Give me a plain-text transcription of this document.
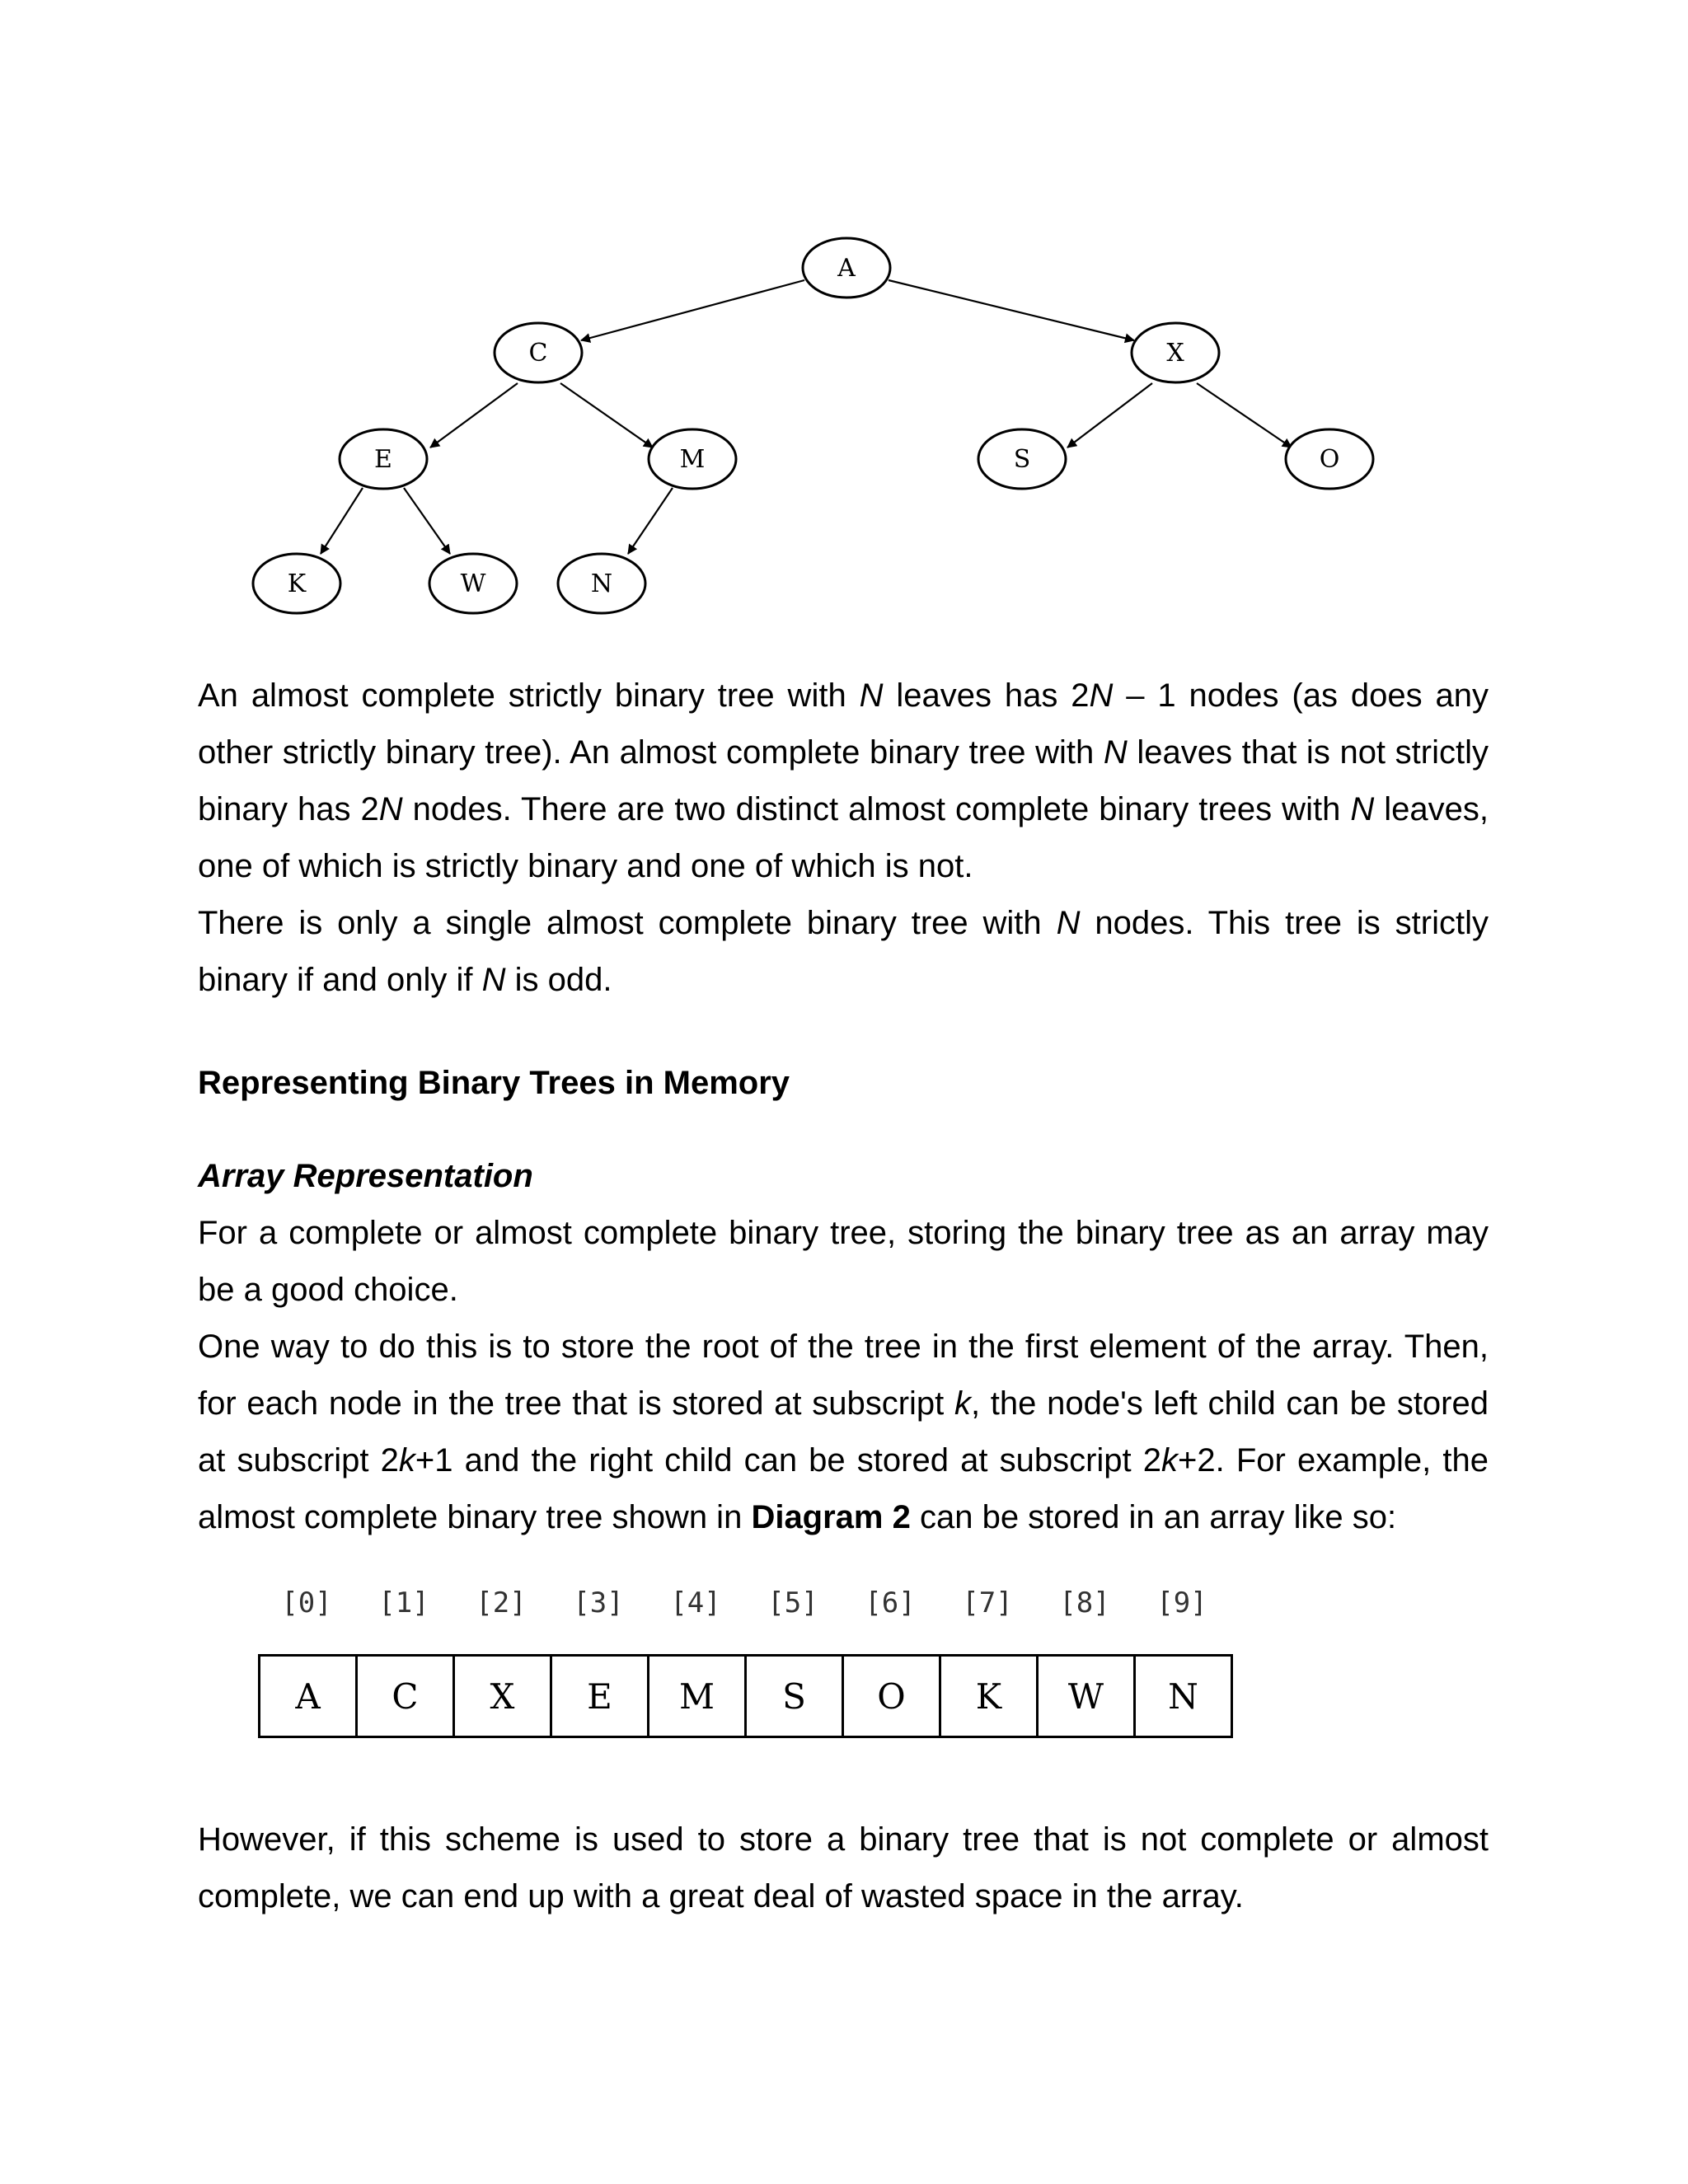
A
C	X
E	M	S	O
K	W	N

An almost complete strictly binary tree with N leaves has 2N – 1 nodes (as does any other strictly binary tree). An almost complete binary tree with N leaves that is not strictly binary has 2N nodes. There are two distinct almost complete binary trees with N leaves, one of which is strictly binary and one of which is not.

There is only a single almost complete binary tree with N nodes. This tree is strictly binary if and only if N is odd.

Representing Binary Trees in Memory
Array Representation

For a complete or almost complete binary tree, storing the binary tree as an array may be a good choice.

One way to do this is to store the root of the tree in the first element of the array. Then, for each node in the tree that is stored at subscript k, the node's left child can be stored at subscript 2k+1 and the right child can be stored at subscript 2k+2. For example, the almost complete binary tree shown in Diagram 2 can be stored in an array like so:

[0]	[1]	[2]	[3]	[4]	[5]	[6]	[7]	[8]	[9]
A	C	X	E	M	S	O	K	W	N

However, if this scheme is used to store a binary tree that is not complete or almost complete, we can end up with a great deal of wasted space in the array.
